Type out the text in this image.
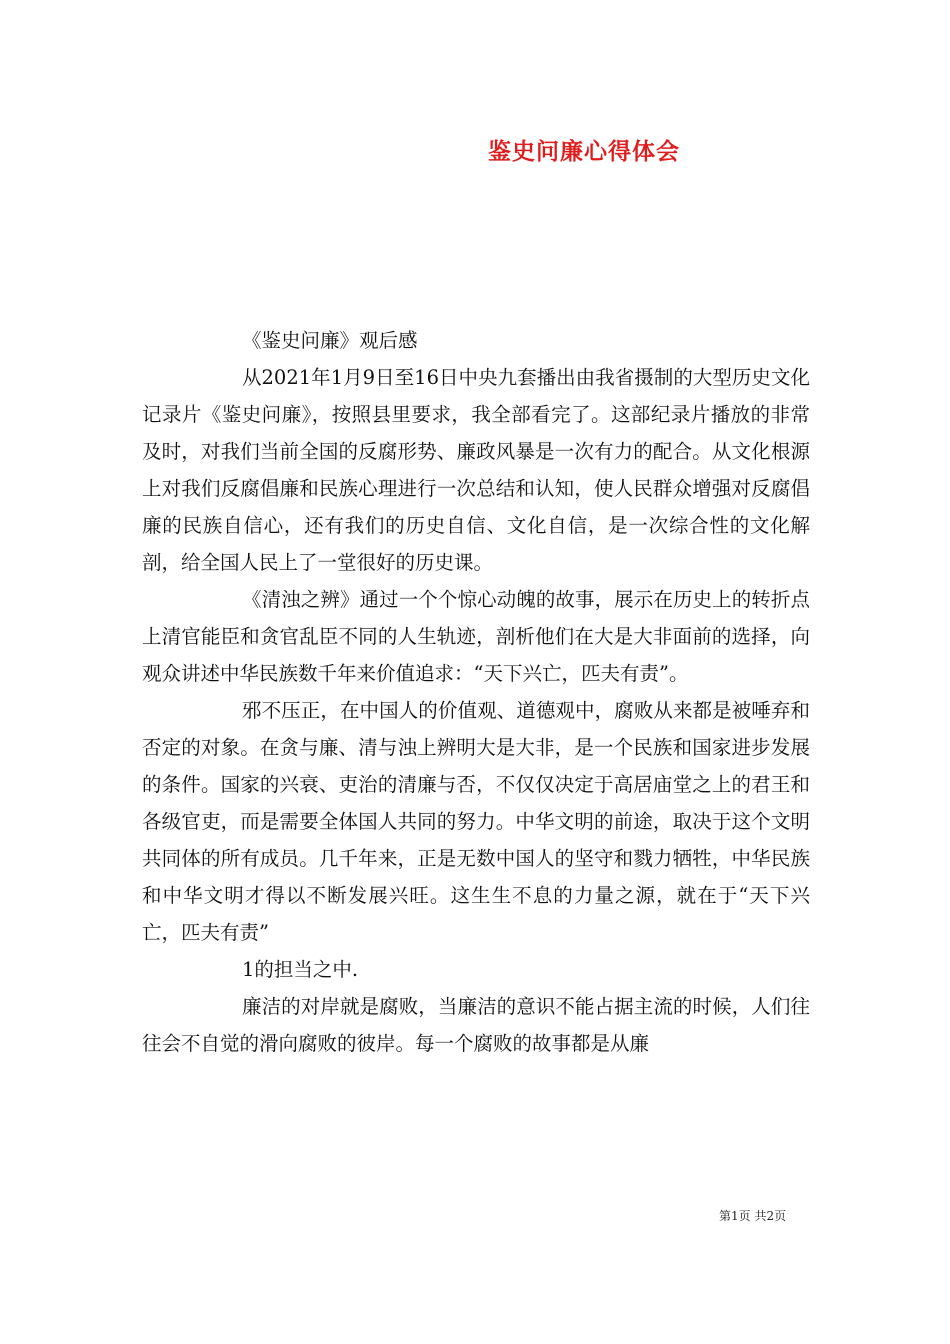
鉴史问廉心得体会

《鉴史问廉》观后感

从2021年1月9日至16日中央九套播出由我省摄制的大型历史文化记录片《鉴史问廉》，按照县里要求，我全部看完了。这部纪录片播放的非常及时，对我们当前全国的反腐形势、廉政风暴是一次有力的配合。从文化根源上对我们反腐倡廉和民族心理进行一次总结和认知，使人民群众增强对反腐倡廉的民族自信心，还有我们的历史自信、文化自信，是一次综合性的文化解剖，给全国人民上了一堂很好的历史课。

《清浊之辨》通过一个个惊心动魄的故事，展示在历史上的转折点上清官能臣和贪官乱臣不同的人生轨迹，剖析他们在大是大非面前的选择，向观众讲述中华民族数千年来价值追求：“天下兴亡，匹夫有责”。

邪不压正，在中国人的价值观、道德观中，腐败从来都是被唾弃和否定的对象。在贪与廉、清与浊上辨明大是大非，是一个民族和国家进步发展的条件。国家的兴衰、吏治的清廉与否，不仅仅决定于高居庙堂之上的君王和各级官吏，而是需要全体国人共同的努力。中华文明的前途，取决于这个文明共同体的所有成员。几千年来，正是无数中国人的坚守和戮力牺牲，中华民族和中华文明才得以不断发展兴旺。这生生不息的力量之源，就在于“天下兴亡，匹夫有责”

1的担当之中.

廉洁的对岸就是腐败，当廉洁的意识不能占据主流的时候，人们往往会不自觉的滑向腐败的彼岸。每一个腐败的故事都是从廉

第1页 共2页
